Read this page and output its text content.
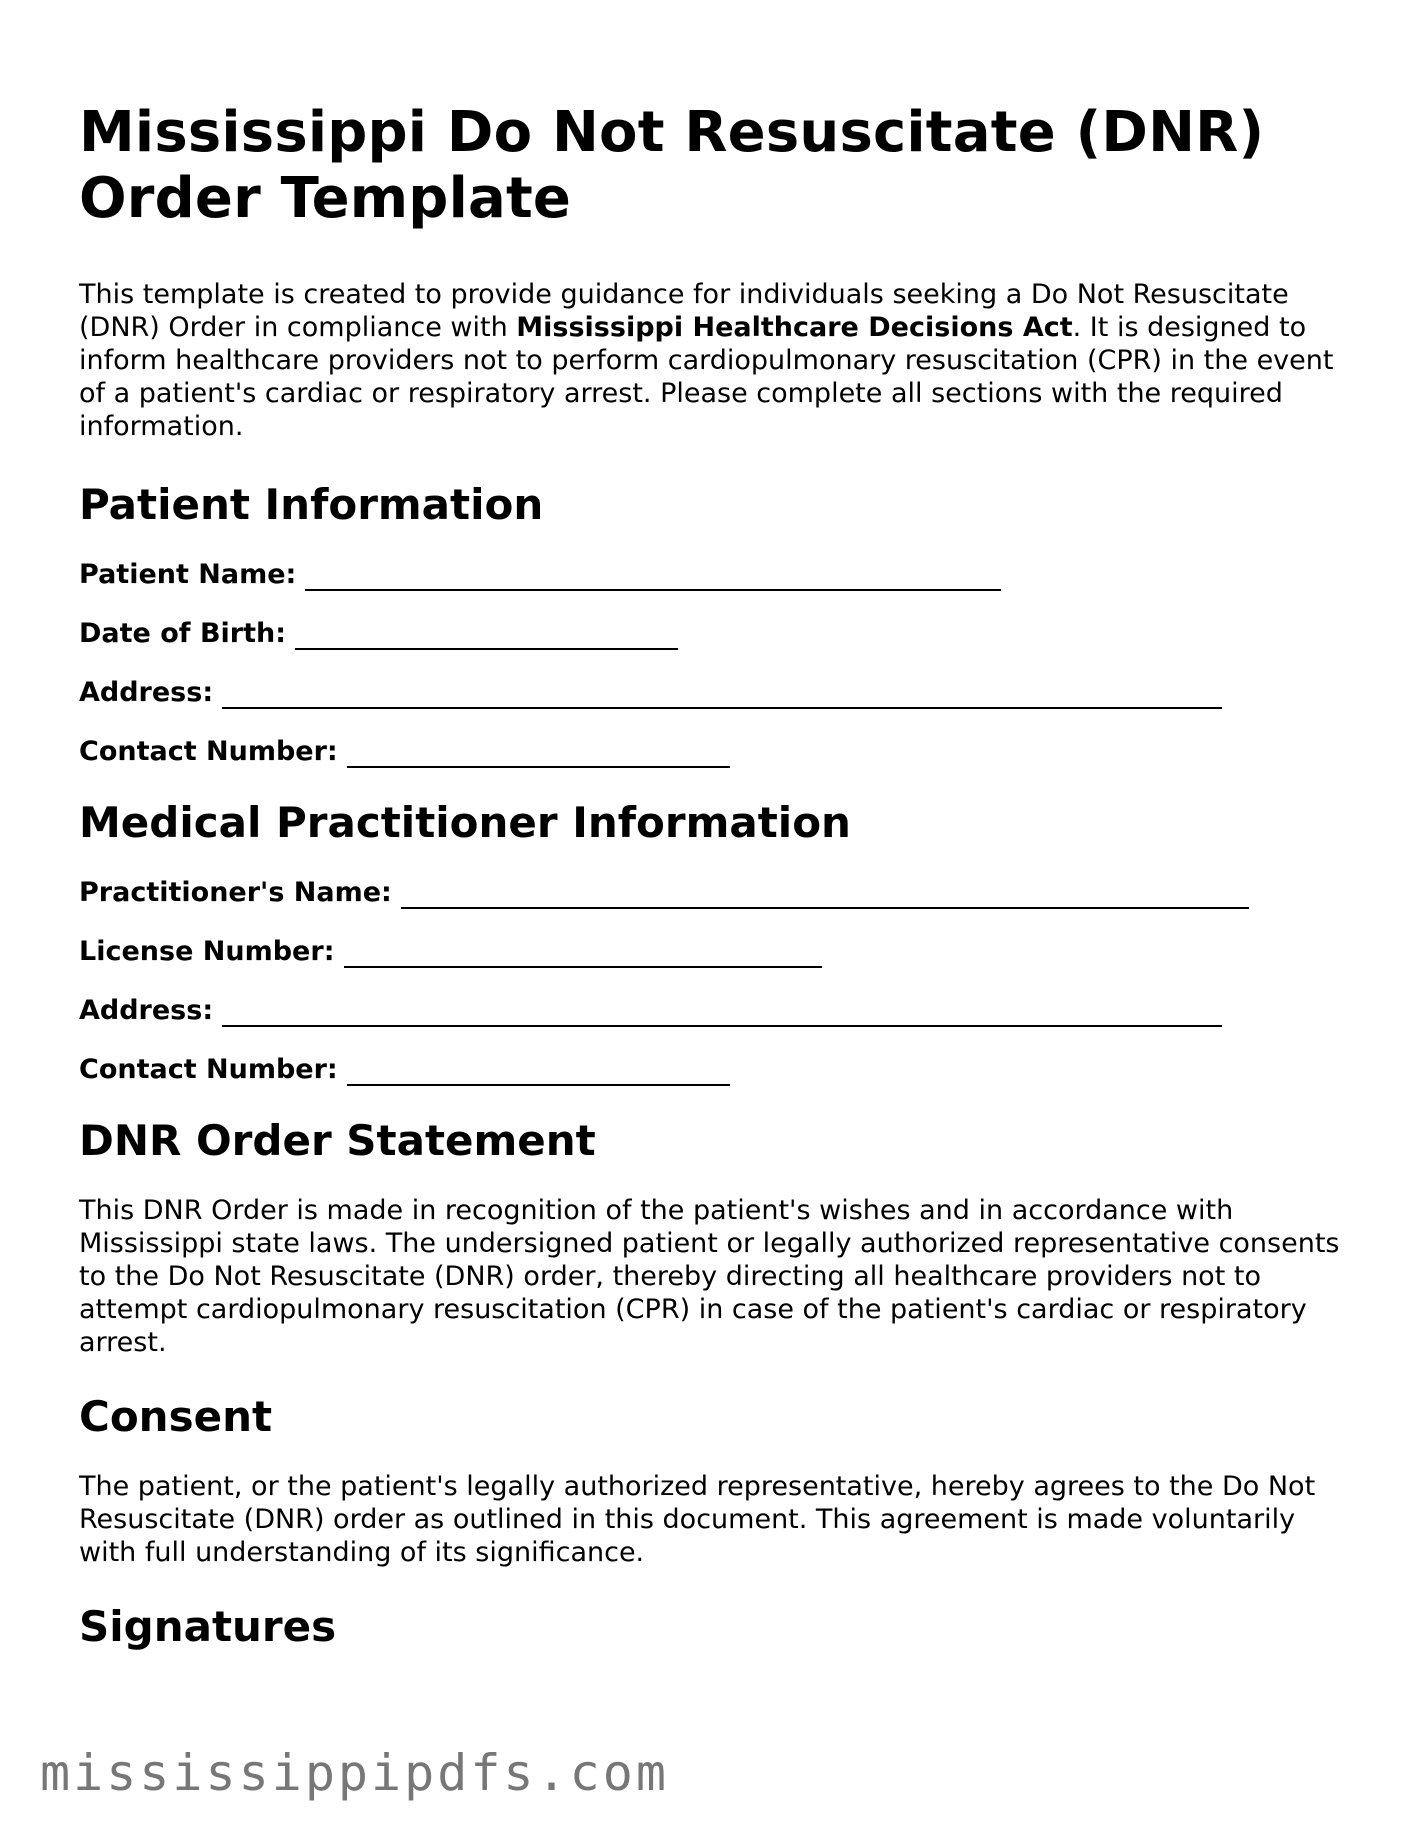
Mississippi Do Not Resuscitate (DNR) Order Template

This template is created to provide guidance for individuals seeking a Do Not Resuscitate (DNR) Order in compliance with Mississippi Healthcare Decisions Act. It is designed to inform healthcare providers not to perform cardiopulmonary resuscitation (CPR) in the event of a patient's cardiac or respiratory arrest. Please complete all sections with the required information.

Patient Information
Patient Name:
Date of Birth:
Address:
Contact Number:
Medical Practitioner Information
Practitioner's Name:
License Number:
Address:
Contact Number:
DNR Order Statement

This DNR Order is made in recognition of the patient's wishes and in accordance with Mississippi state laws. The undersigned patient or legally authorized representative consents to the Do Not Resuscitate (DNR) order, thereby directing all healthcare providers not to attempt cardiopulmonary resuscitation (CPR) in case of the patient's cardiac or respiratory arrest.

Consent

The patient, or the patient's legally authorized representative, hereby agrees to the Do Not Resuscitate (DNR) order as outlined in this document. This agreement is made voluntarily with full understanding of its significance.

Signatures
mississippipdfs.com
